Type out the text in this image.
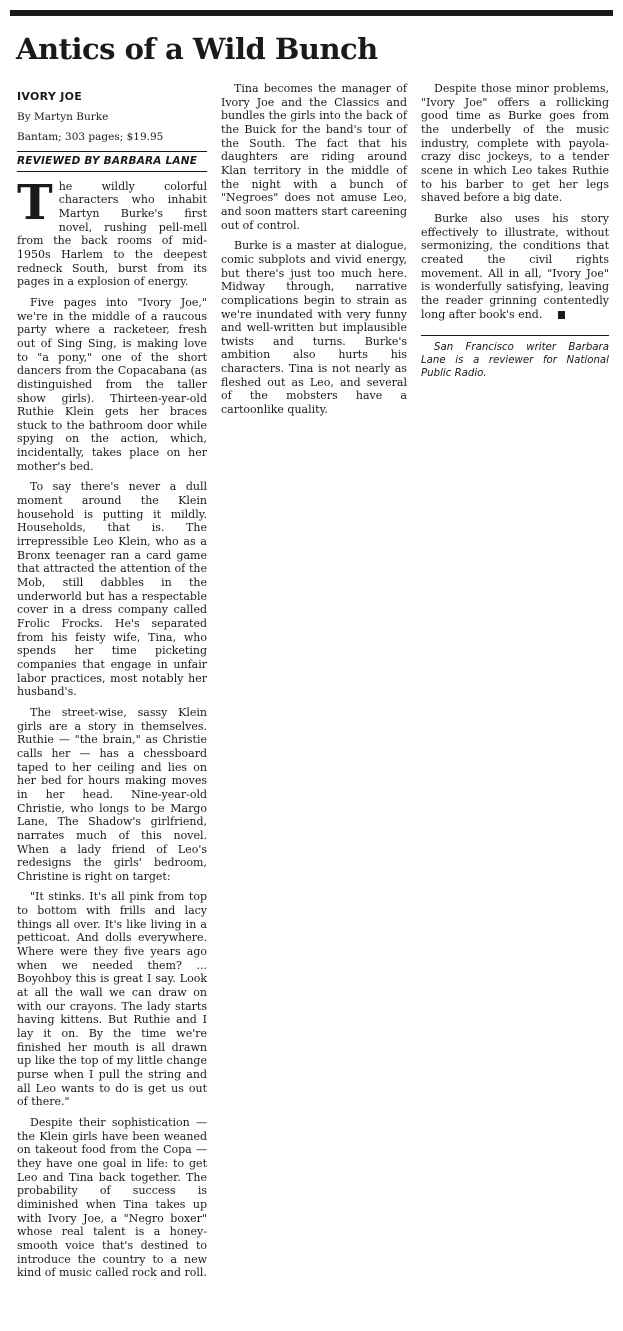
Antics of a Wild Bunch

IVORY JOE

By Martyn Burke

Bantam; 303 pages; $19.95

REVIEWED BY BARBARA LANE

The wildly colorful characters who inhabit Martyn Burke's first novel, rushing pell-mell from the back rooms of mid-1950s Harlem to the deepest redneck South, burst from its pages in a explosion of energy.

Five pages into "Ivory Joe," we're in the middle of a raucous party where a racketeer, fresh out of Sing Sing, is making love to "a pony," one of the short dancers from the Copacabana (as distinguished from the taller show girls). Thirteen-year-old Ruthie Klein gets her braces stuck to the bathroom door while spying on the action, which, incidentally, takes place on her mother's bed.

To say there's never a dull moment around the Klein household is putting it mildly. Households, that is. The irrepressible Leo Klein, who as a Bronx teenager ran a card game that attracted the attention of the Mob, still dabbles in the underworld but has a respectable cover in a dress company called Frolic Frocks. He's separated from his feisty wife, Tina, who spends her time picketing companies that engage in unfair labor practices, most notably her husband's.

The street-wise, sassy Klein girls are a story in themselves. Ruthie — "the brain," as Christie calls her — has a chessboard taped to her ceiling and lies on her bed for hours making moves in her head. Nine-year-old Christie, who longs to be Margo Lane, The Shadow's girlfriend, narrates much of this novel. When a lady friend of Leo's redesigns the girls' bedroom, Christine is right on target:

"It stinks. It's all pink from top to bottom with frills and lacy things all over. It's like living in a petticoat. And dolls everywhere. Where were they five years ago when we needed them? ... Boyohboy this is great I say. Look at all the wall we can draw on with our crayons. The lady starts having kittens. But Ruthie and I lay it on. By the time we're finished her mouth is all drawn up like the top of my little change purse when I pull the string and all Leo wants to do is get us out of there."

Despite their sophistication — the Klein girls have been weaned on takeout food from the Copa — they have one goal in life: to get Leo and Tina back together. The probability of success is diminished when Tina takes up with Ivory Joe, a "Negro boxer" whose real talent is a honey-smooth voice that's destined to introduce the country to a new kind of music called rock and roll.

Tina becomes the manager of Ivory Joe and the Classics and bundles the girls into the back of the Buick for the band's tour of the South. The fact that his daughters are riding around Klan territory in the middle of the night with a bunch of "Negroes" does not amuse Leo, and soon matters start careening out of control.

Burke is a master at dialogue, comic subplots and vivid energy, but there's just too much here. Midway through, narrative complications begin to strain as we're inundated with very funny and well-written but implausible twists and turns. Burke's ambition also hurts his characters. Tina is not nearly as fleshed out as Leo, and several of the mobsters have a cartoonlike quality.

Despite those minor problems, "Ivory Joe" offers a rollicking good time as Burke goes from the underbelly of the music industry, complete with payola-crazy disc jockeys, to a tender scene in which Leo takes Ruthie to his barber to get her legs shaved before a big date.

Burke also uses his story effectively to illustrate, without sermonizing, the conditions that created the civil rights movement. All in all, "Ivory Joe" is wonderfully satisfying, leaving the reader grinning contentedly long after book's end.

San Francisco writer Barbara Lane is a reviewer for National Public Radio.
